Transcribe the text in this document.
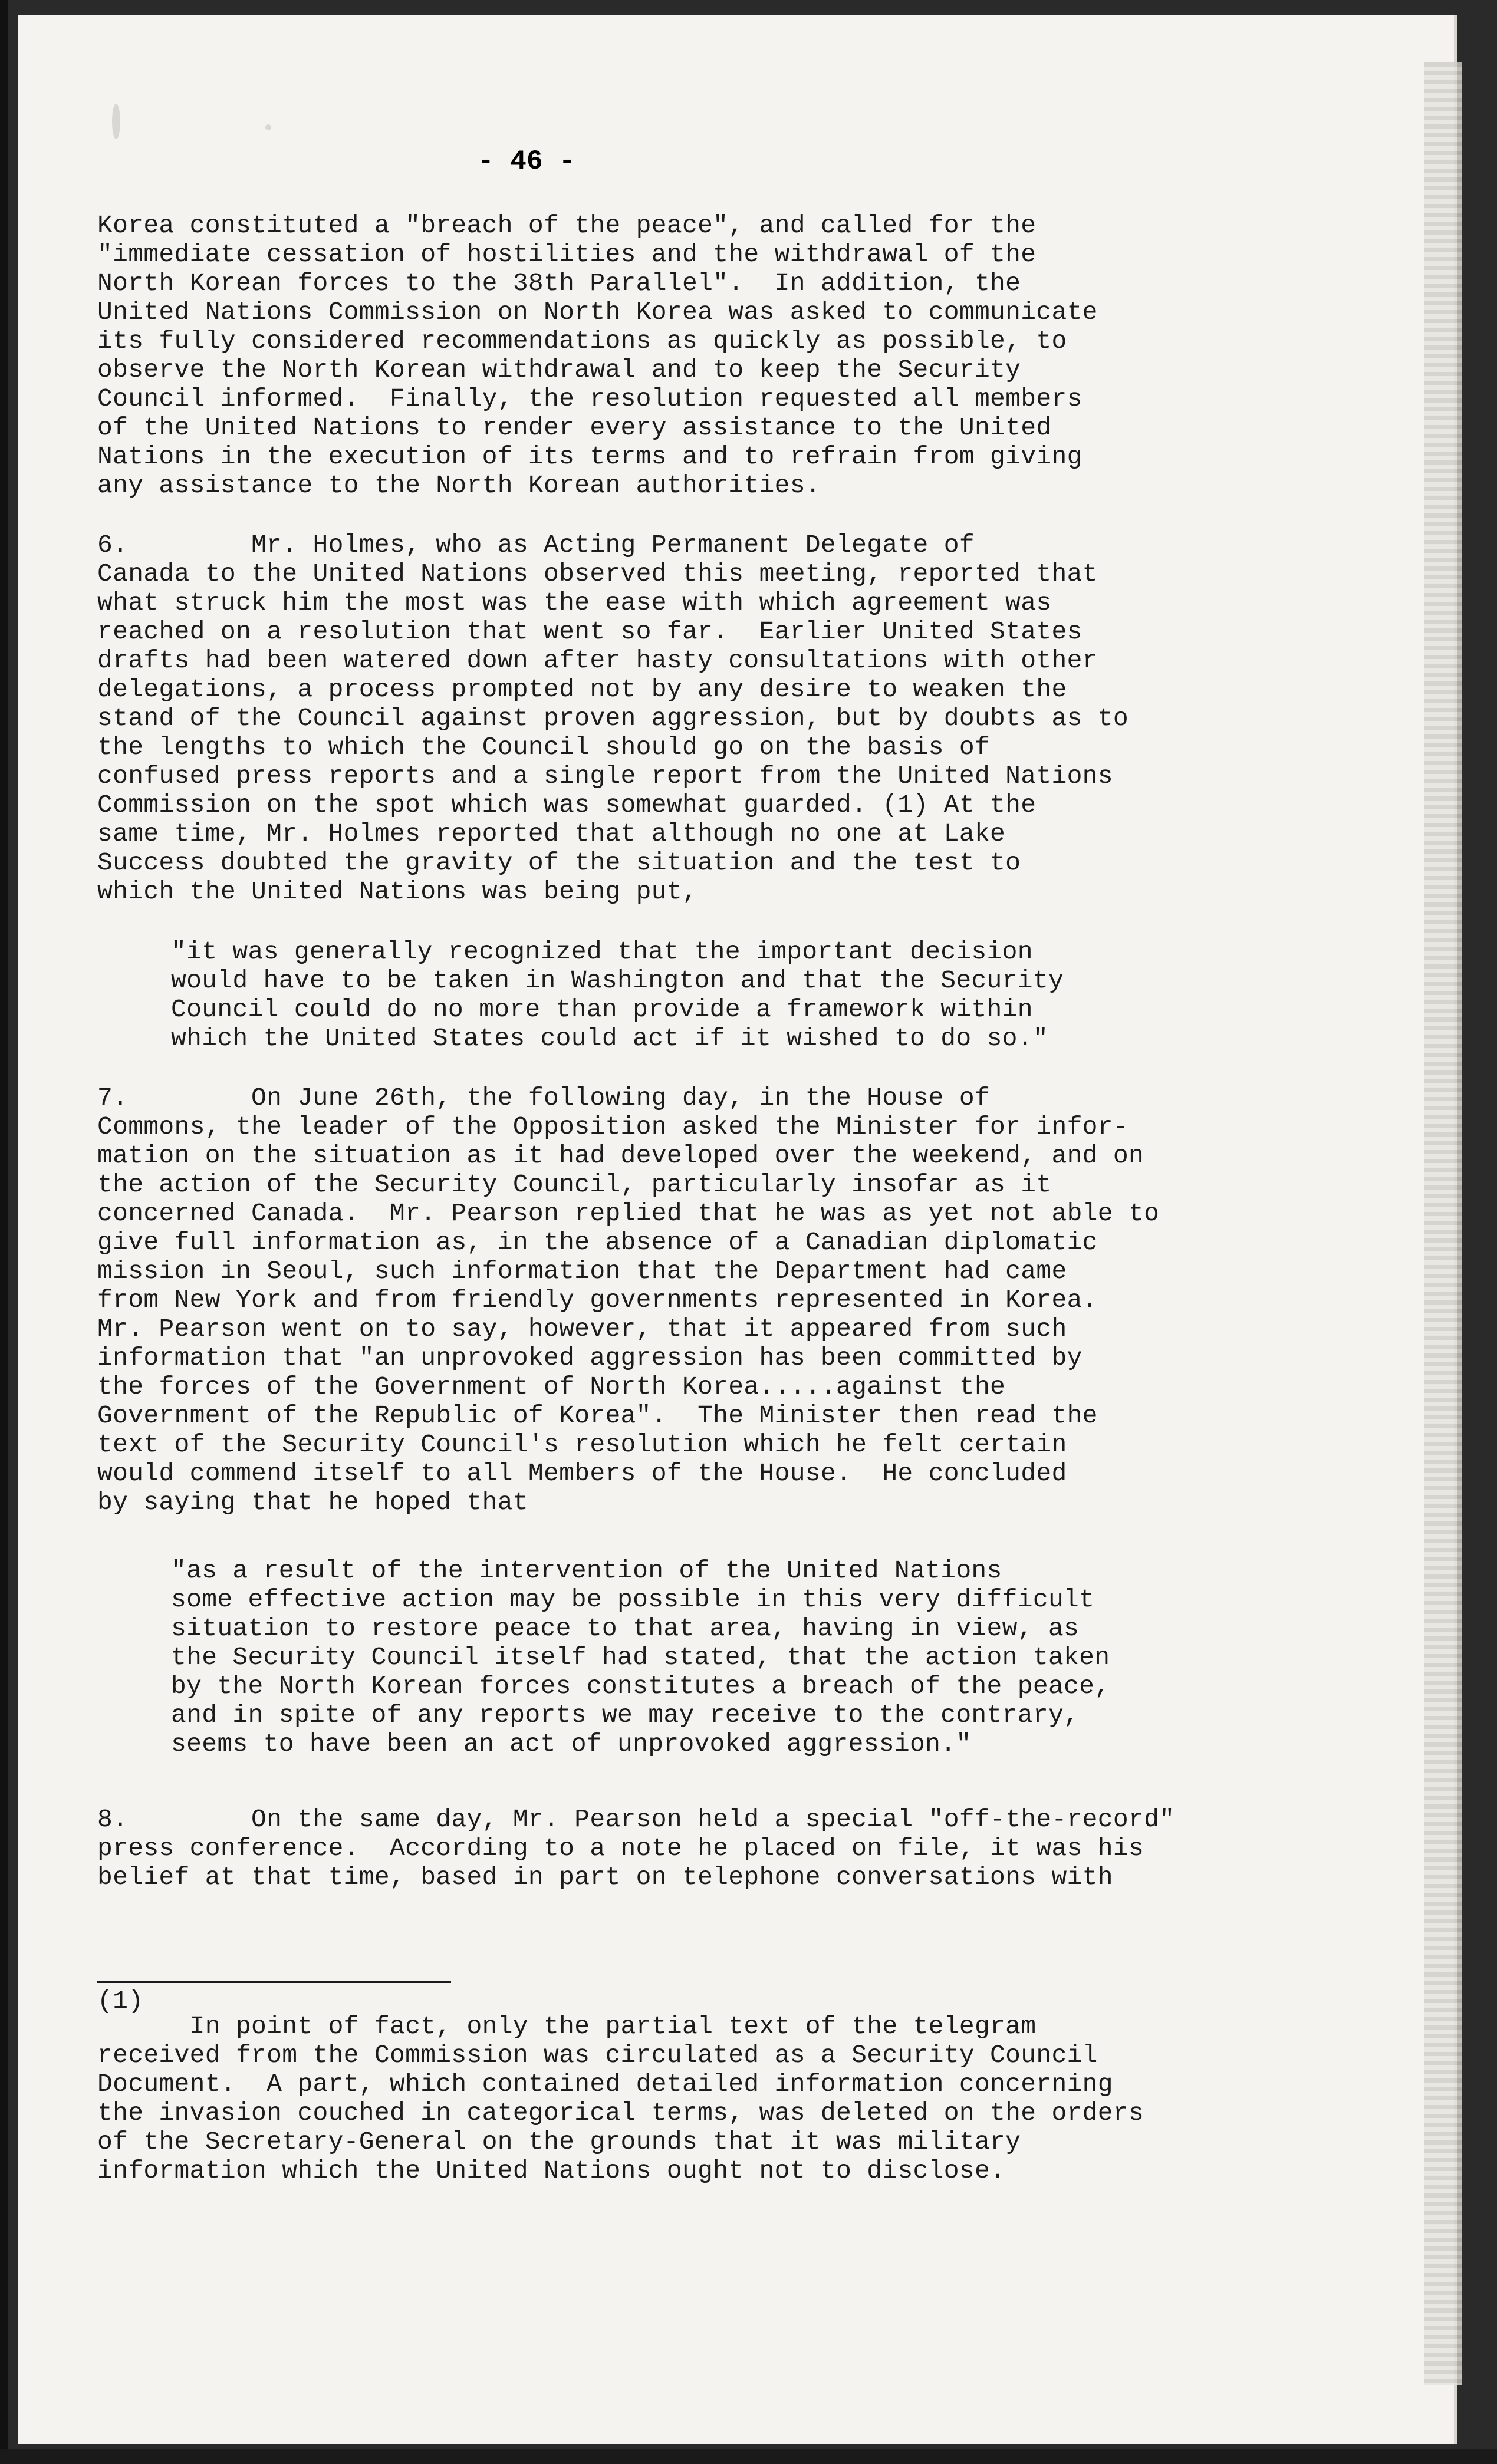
- 46 -
Korea constituted a "breach of the peace", and called for the
"immediate cessation of hostilities and the withdrawal of the
North Korean forces to the 38th Parallel".  In addition, the
United Nations Commission on North Korea was asked to communicate
its fully considered recommendations as quickly as possible, to
observe the North Korean withdrawal and to keep the Security
Council informed.  Finally, the resolution requested all members
of the United Nations to render every assistance to the United
Nations in the execution of its terms and to refrain from giving
any assistance to the North Korean authorities.
6.        Mr. Holmes, who as Acting Permanent Delegate of
Canada to the United Nations observed this meeting, reported that
what struck him the most was the ease with which agreement was
reached on a resolution that went so far.  Earlier United States
drafts had been watered down after hasty consultations with other
delegations, a process prompted not by any desire to weaken the
stand of the Council against proven aggression, but by doubts as to
the lengths to which the Council should go on the basis of
confused press reports and a single report from the United Nations
Commission on the spot which was somewhat guarded. (1) At the
same time, Mr. Holmes reported that although no one at Lake
Success doubted the gravity of the situation and the test to
which the United Nations was being put,
"it was generally recognized that the important decision
would have to be taken in Washington and that the Security
Council could do no more than provide a framework within
which the United States could act if it wished to do so."
7.        On June 26th, the following day, in the House of
Commons, the leader of the Opposition asked the Minister for infor-
mation on the situation as it had developed over the weekend, and on
the action of the Security Council, particularly insofar as it
concerned Canada.  Mr. Pearson replied that he was as yet not able to
give full information as, in the absence of a Canadian diplomatic
mission in Seoul, such information that the Department had came
from New York and from friendly governments represented in Korea.
Mr. Pearson went on to say, however, that it appeared from such
information that "an unprovoked aggression has been committed by
the forces of the Government of North Korea.....against the
Government of the Republic of Korea".  The Minister then read the
text of the Security Council's resolution which he felt certain
would commend itself to all Members of the House.  He concluded
by saying that he hoped that
"as a result of the intervention of the United Nations
some effective action may be possible in this very difficult
situation to restore peace to that area, having in view, as
the Security Council itself had stated, that the action taken
by the North Korean forces constitutes a breach of the peace,
and in spite of any reports we may receive to the contrary,
seems to have been an act of unprovoked aggression."
8.        On the same day, Mr. Pearson held a special "off-the-record"
press conference.  According to a note he placed on file, it was his
belief at that time, based in part on telephone conversations with
(1)
In point of fact, only the partial text of the telegram
received from the Commission was circulated as a Security Council
Document.  A part, which contained detailed information concerning
the invasion couched in categorical terms, was deleted on the orders
of the Secretary-General on the grounds that it was military
information which the United Nations ought not to disclose.
